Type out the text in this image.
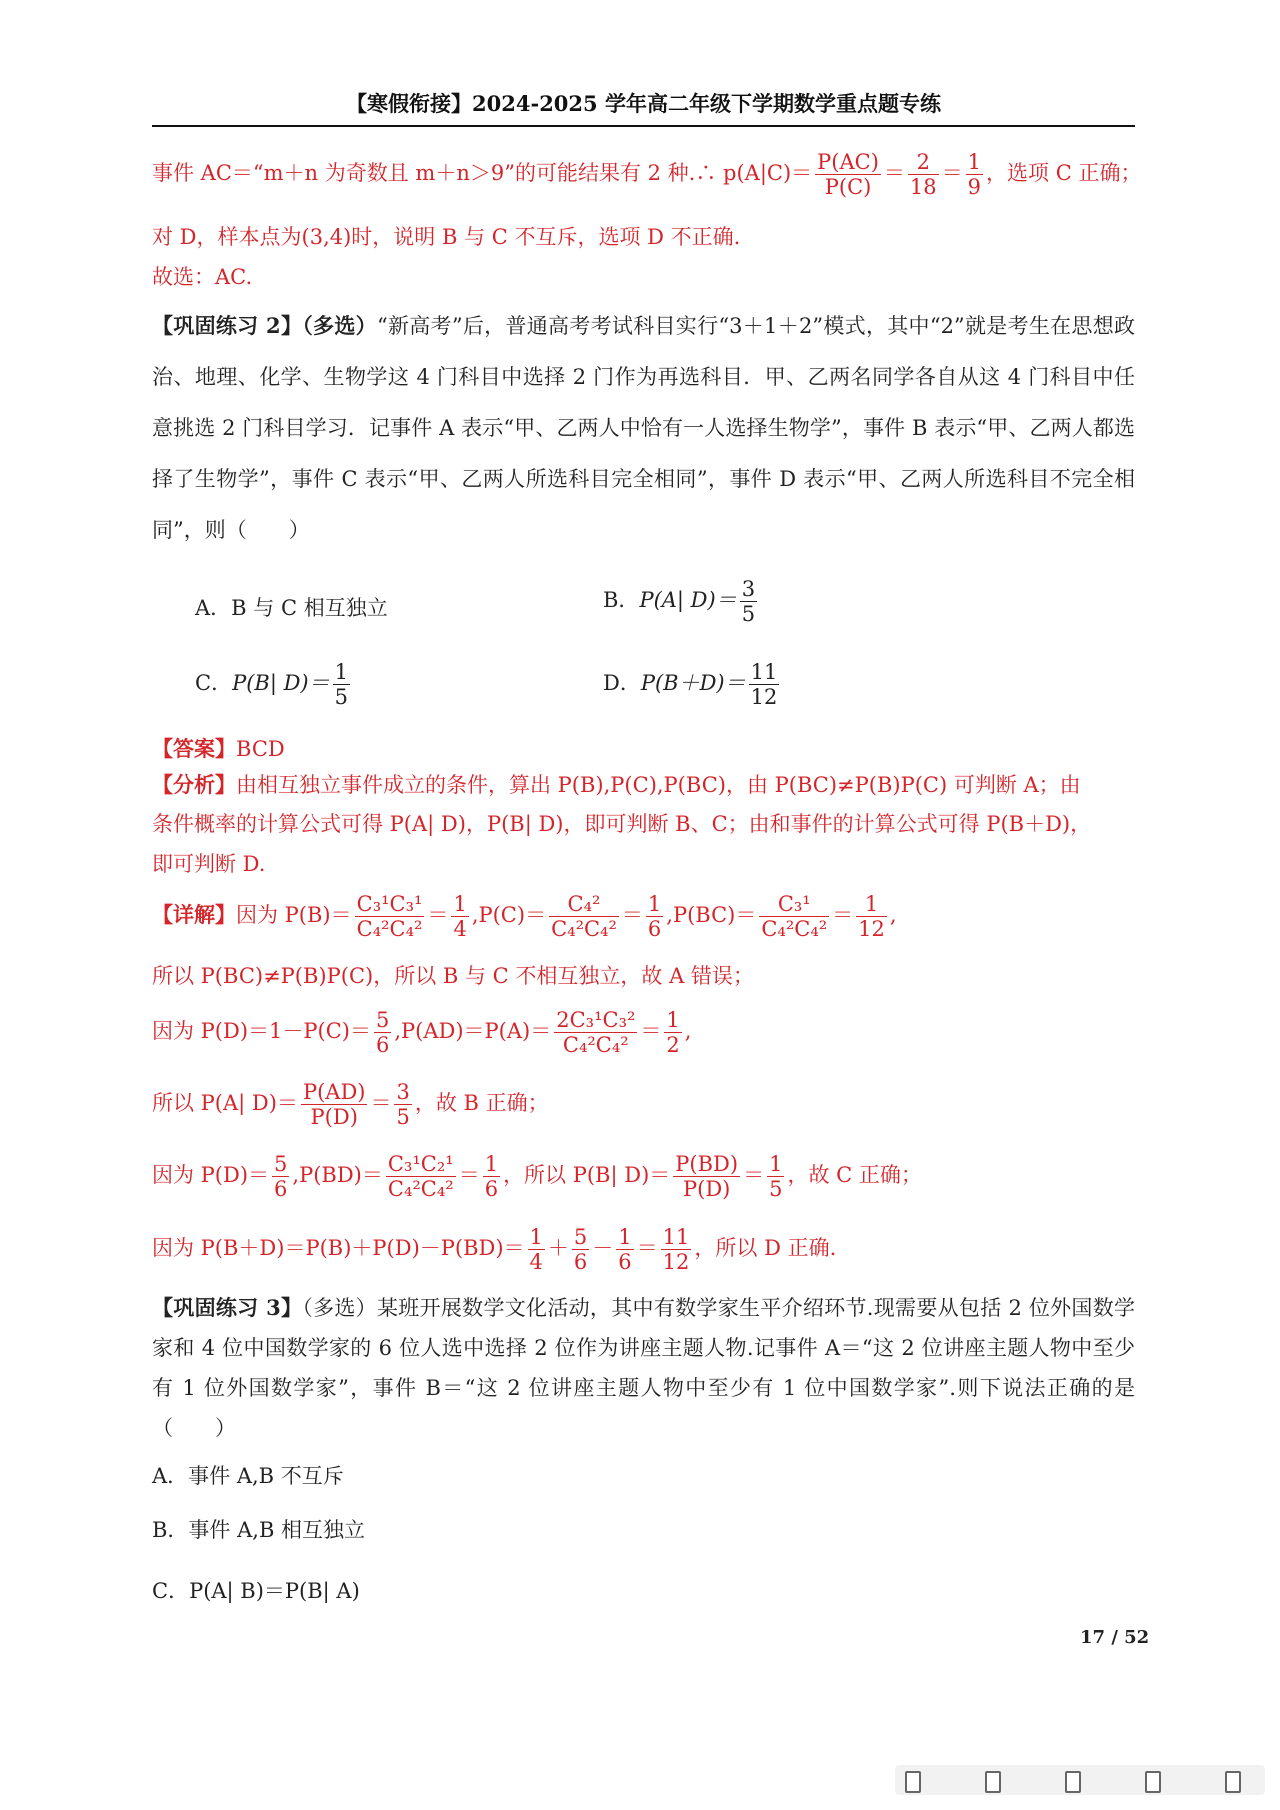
【寒假衔接】2024-2025 学年高二年级下学期数学重点题专练
事件 AC＝“m＋n 为奇数且 m＋n＞9”的可能结果有 2 种.∴ $p(A|C)= \frac{P(AC)}{P(C)} = \frac{2}{18} = \frac{1}{9}$ ，选项 C 正确；
对 D，样本点为(3,4)时，说明 B 与 C 不互斥，选项 D 不正确.
故选：AC.
【巩固练习 2】（多选）“新高考”后，普通高考考试科目实行“3＋1＋2”模式，其中“2”就是考生在思想政治、地理、化学、生物学这 4 门科目中选择 2 门作为再选科目．甲、乙两名同学各自从这 4 门科目中任意挑选 2 门科目学习．记事件 A 表示“甲、乙两人中恰有一人选择生物学”，事件 B 表示“甲、乙两人都选择了生物学”，事件 C 表示“甲、乙两人所选科目完全相同”，事件 D 表示“甲、乙两人所选科目不完全相同”，则（　　）
A．B 与 C 相互独立	B．P(A| $D)= \frac{3}{5}$
C．P(B| $D)= \frac{1}{5}$	D．$P(B+D)= \frac{11}{12}$
【答案】BCD
【分析】由相互独立事件成立的条件，算出 P(B),P(C),P(BC)，由 P(BC)≠P(B)P(C) 可判断 A；由
条件概率的计算公式可得 P(A| D)，P(B| D)，即可判断 B、C；由和事件的计算公式可得 P(B＋D)，
即可判断 D.
【详解】因为 $P(B)= \frac{\text{C₃¹C₃¹}}{\text{C₄²C₄²}} = \frac{1}{4} ,P(C)= \frac{\text{C₄²}}{\text{C₄²C₄²}} = \frac{1}{6} ,P(BC)= \frac{\text{C₃¹}}{\text{C₄²C₄²}} = \frac{1}{12}$ ,
所以 P(BC)≠P(B)P(C)，所以 B 与 C 不相互独立，故 A 错误；
因为 $P(D)=1-P(C)= \frac{5}{6} ,P(AD)=P(A)= \frac{\text{2C₃¹C₃²}}{\text{C₄²C₄²}} = \frac{1}{2}$ ,
所以 P(A| $D)= \frac{P(AD)}{P(D)} = \frac{3}{5}$ ，故 B 正确；
因为 $P(D)= \frac{5}{6} ,P(BD)= \frac{\text{C₃¹C₂¹}}{\text{C₄²C₄²}} = \frac{1}{6}$ ，所以 P(B| $D)= \frac{P(BD)}{P(D)} = \frac{1}{5}$ ，故 C 正确；
因为 $P(B+D)=P(B)+P(D)-P(BD)= \frac{1}{4} + \frac{5}{6} - \frac{1}{6} = \frac{11}{12}$ ，所以 D 正确.
【巩固练习 3】（多选）某班开展数学文化活动，其中有数学家生平介绍环节.现需要从包括 2 位外国数学家和 4 位中国数学家的 6 位人选中选择 2 位作为讲座主题人物.记事件 A＝“这 2 位讲座主题人物中至少有 1 位外国数学家”，事件 B＝“这 2 位讲座主题人物中至少有 1 位中国数学家”.则下说法正确的是（　　）
A．事件 A,B 不互斥
B．事件 A,B 相互独立
C．P(A| B)＝P(B| A)
17 / 52
